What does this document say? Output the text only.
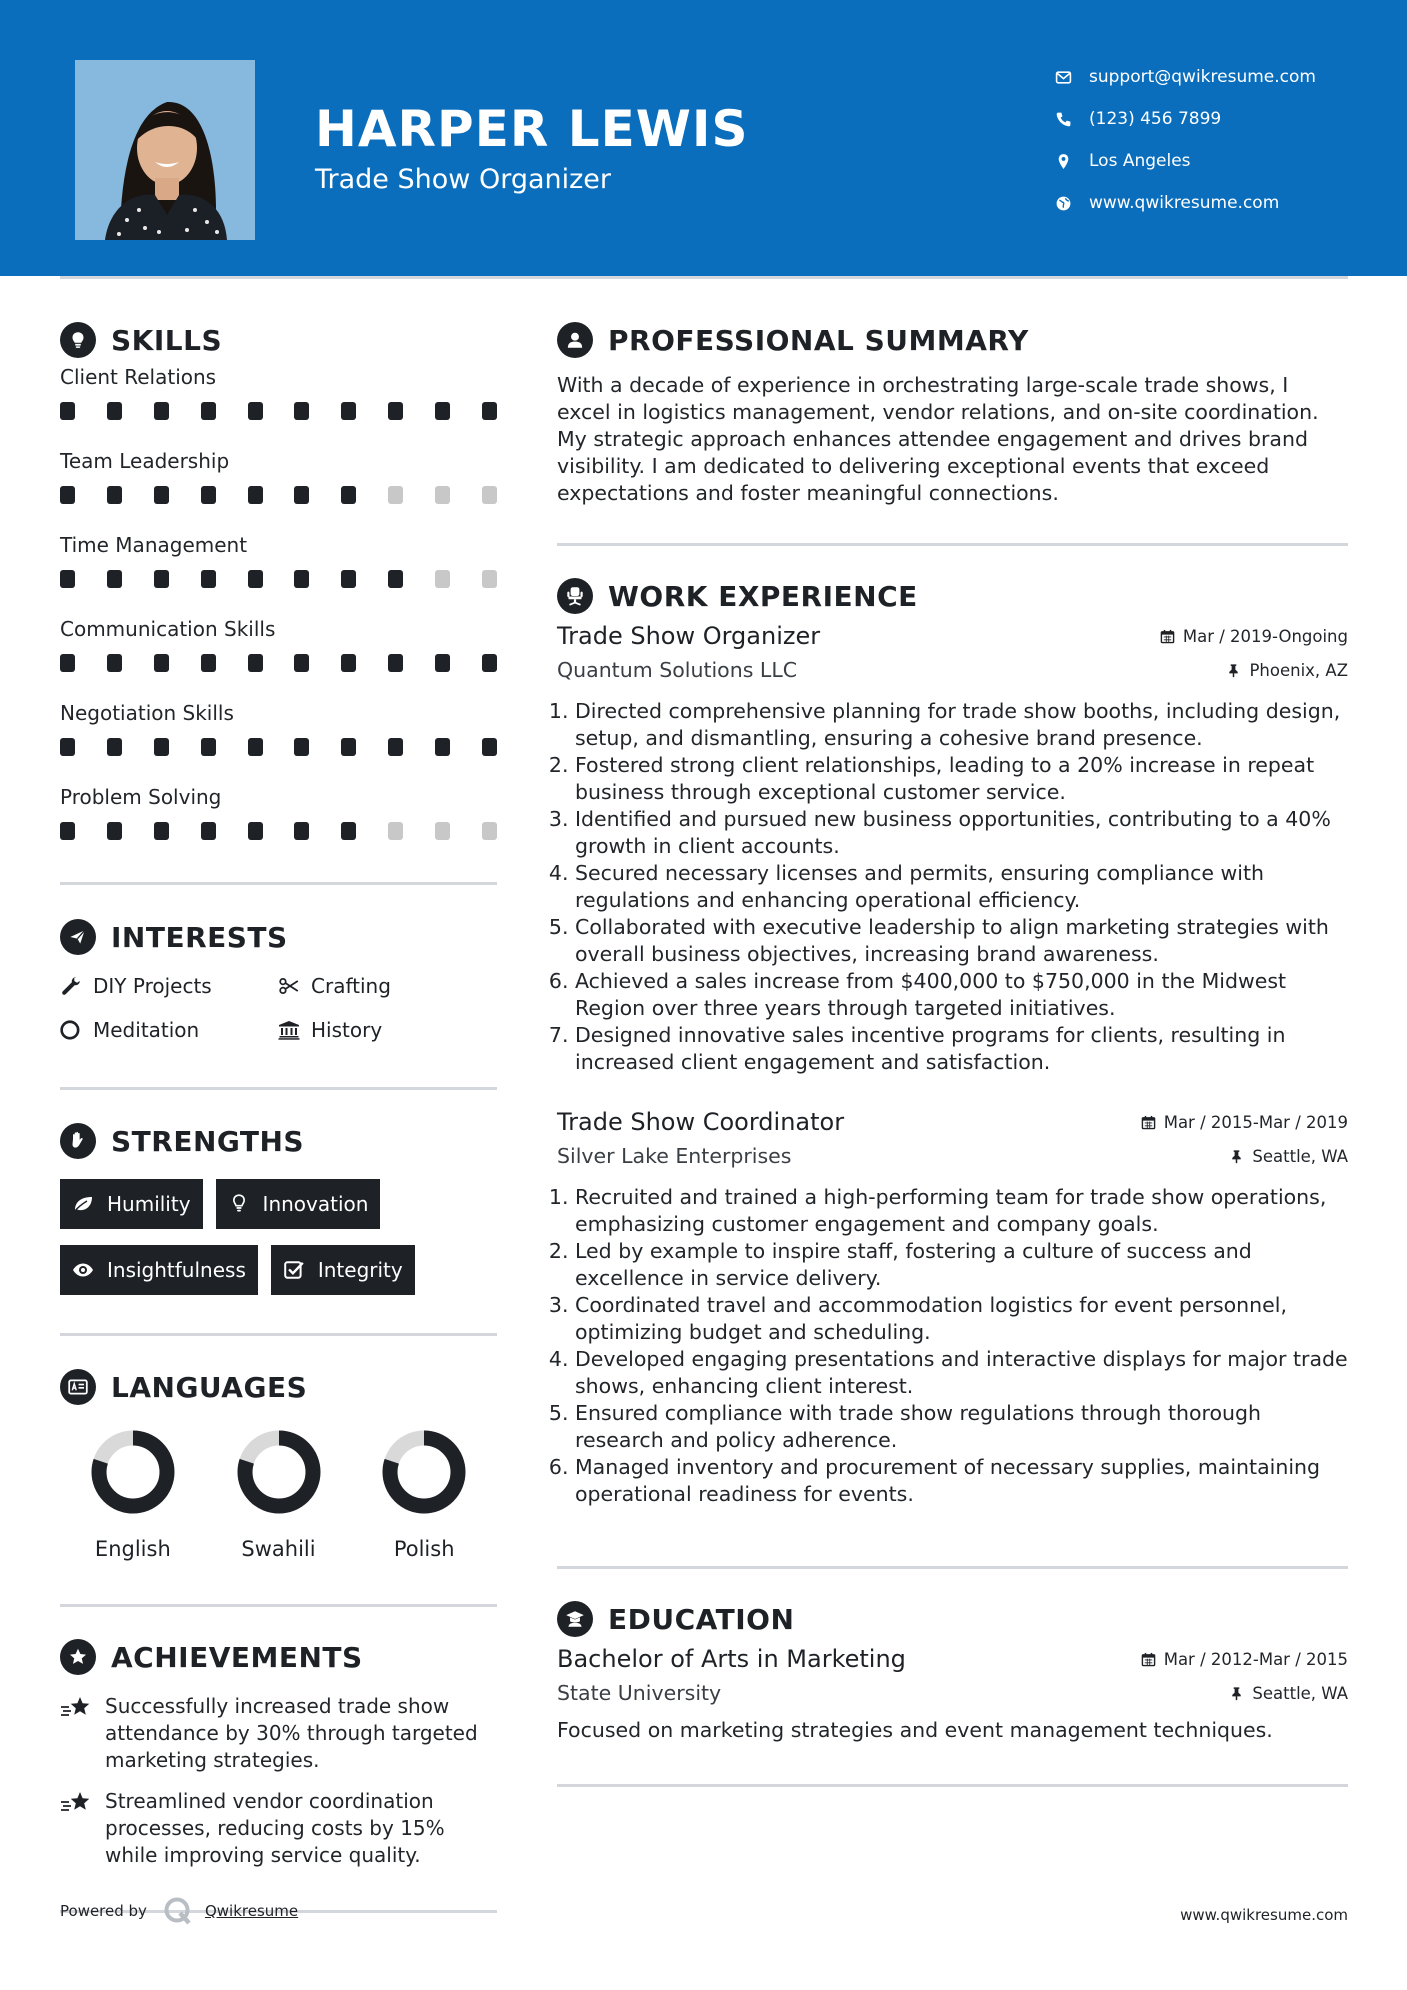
HARPER LEWIS
Trade Show Organizer
support@qwikresume.com
(123) 456 7899
Los Angeles
www.qwikresume.com
SKILLS
Client Relations
Team Leadership
Time Management
Communication Skills
Negotiation Skills
Problem Solving
INTERESTS
DIY Projects	Crafting
Meditation	History
STRENGTHS
Humility	Innovation
Insightfulness	Integrity
LANGUAGES
English	Swahili	Polish
ACHIEVEMENTS
Successfully increased trade show attendance by 30% through targeted marketing strategies.
Streamlined vendor coordination processes, reducing costs by 15% while improving service quality.
PROFESSIONAL SUMMARY

With a decade of experience in orchestrating large-scale trade shows, I excel in logistics management, vendor relations, and on-site coordination. My strategic approach enhances attendee engagement and drives brand visibility. I am dedicated to delivering exceptional events that exceed expectations and foster meaningful connections.

WORK EXPERIENCE
Trade Show Organizer	Mar / 2019-Ongoing
Quantum Solutions LLC	Phoenix, AZ
1. Directed comprehensive planning for trade show booths, including design, setup, and dismantling, ensuring a cohesive brand presence.
2. Fostered strong client relationships, leading to a 20% increase in repeat business through exceptional customer service.
3. Identified and pursued new business opportunities, contributing to a 40% growth in client accounts.
4. Secured necessary licenses and permits, ensuring compliance with regulations and enhancing operational efficiency.
5. Collaborated with executive leadership to align marketing strategies with overall business objectives, increasing brand awareness.
6. Achieved a sales increase from $400,000 to $750,000 in the Midwest Region over three years through targeted initiatives.
7. Designed innovative sales incentive programs for clients, resulting in increased client engagement and satisfaction.
Trade Show Coordinator	Mar / 2015-Mar / 2019
Silver Lake Enterprises	Seattle, WA
1. Recruited and trained a high-performing team for trade show operations, emphasizing customer engagement and company goals.
2. Led by example to inspire staff, fostering a culture of success and excellence in service delivery.
3. Coordinated travel and accommodation logistics for event personnel, optimizing budget and scheduling.
4. Developed engaging presentations and interactive displays for major trade shows, enhancing client interest.
5. Ensured compliance with trade show regulations through thorough research and policy adherence.
6. Managed inventory and procurement of necessary supplies, maintaining operational readiness for events.
EDUCATION
Bachelor of Arts in Marketing	Mar / 2012-Mar / 2015
State University	Seattle, WA

Focused on marketing strategies and event management techniques.

Powered by	Qwikresume	www.qwikresume.com
